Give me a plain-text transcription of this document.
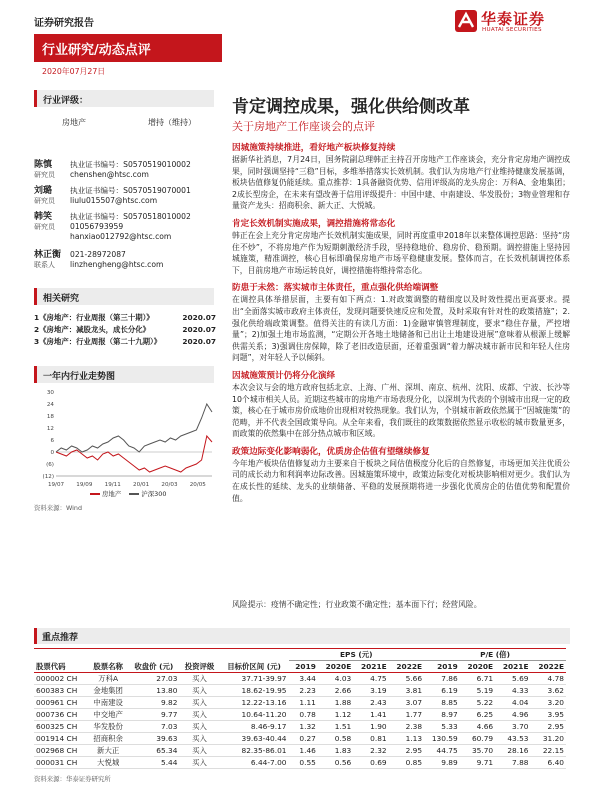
证券研究报告	华泰证券
HUATAI SECURITIES
行业研究/动态点评
2020年07月27日
行业评级：
房地产	增持（维持）
陈慎 执业证书编号：S0570519010002
研究员 chenshen@htsc.com
刘璐 执业证书编号：S0570519070001
研究员 liulu015507@htsc.com
韩笑 执业证书编号：S0570518010002
研究员 01056793959
hanxiao012792@htsc.com
林正衡 021-28972087
联系人 linzhengheng@htsc.com
相关研究
1《房地产：行业周报（第三十期）》	2020.07
2《房地产：减股龙头，成长分化》	2020.07
3《房地产：行业周报（第二十九期）》	2020.07
一年内行业走势图
(12)
(6)
0
6
12
18
24
30
19/07 19/09 19/11 20/01 20/03 20/05
房地产	沪深300
资料来源：Wind
肯定调控成果，强化供给侧改革
关于房地产工作座谈会的点评
因城施策持续推进，看好地产板块修复持续
据新华社消息，7月24日，国务院副总理韩正主持召开房地产工作座谈会，充分肯定房地产调控成果，同时强调坚持“三稳”目标，多维举措落实长效机制。我们认为房地产行业维持健康发展基调，板块估值修复仍能延续。重点推荐：1具备融资优势、信用评级高的龙头房企：万科A、金地集团；2成长型房企，在未来有望改善于信用评级提升：中国中建、中南建设、华发股份；3物业管理和存量资产龙头：招商积余、新大正、大悦城。
肯定长效机制实施成果，调控措施将常态化
韩正在会上充分肯定房地产长效机制实施成果，同时再度重申2018年以来整体调控思路：坚持“房住不炒”，不将房地产作为短期刺激经济手段，坚持稳地价、稳房价、稳预期。调控措施上坚持因城施策，精准调控，核心目标即确保房地产市场平稳健康发展。整体而言，在长效机制调控体系下，目前房地产市场运转良好，调控措施将维持常态化。
防患于未然：落实城市主体责任，重点强化供给端调整
在调控具体举措层面，主要有如下两点：1.对政策调整的精细度以及时效性提出更高要求。提出“全面落实城市政府主体责任，发现问题要快速反应和处置，及时采取有针对性的政策措施”；2.强化供给端政策调整。值得关注的有读几方面：1)金融审慎管理制度，要求“稳住存量，严控增量”；2)加强土地市场监测，“定期公开各地土地储备和已出让土地建设进展”意味着从根源上缓解供需关系；3)强调住房保障，除了老旧改造层面，还着重强调“着力解决城市新市民和年轻人住房问题”，对年轻人予以倾斜。
因城施策预计仍将分化演绎
本次会议与会的地方政府包括北京、上海、广州、深圳、南京、杭州、沈阳、成都、宁波、长沙等10个城市相关人员。近期这些城市的房地产市场表现分化，以深圳为代表的个别城市出现一定的政策，核心在于城市房价成地价出现相对较热现象。我们认为，个别城市新政依然属于“因城施策”的范畴，并不代表全国政策导向。从全年来看，我们既往的政策数据依然显示收松的城市数量更多，而政策的依然集中在部分热点城市和区域。
政策边际变化影响弱化，优质房企估值有望继续修复
今年地产板块估值修复动力主要来自于板块之间估值极度分化后的自然修复，市场更加关注优质公司的成长动力和利润率边际改善。因城施策环境中，政策边际变化对板块影响相对更少。我们认为在成长性的延续、龙头的业绩储备、平稳的发展预期将进一步强化优质房企的估值优势和配置价值。
风险提示：疫情不确定性；行业政策不确定性；基本面下行；经营风险。
重点推荐
					EPS (元)				P/E (倍)			
股票代码	股票名称	收盘价 (元)	投资评级	目标价区间 (元)	2019	2020E	2021E	2022E	2019	2020E	2021E	2022E
000002 CH	万科A	27.03	买入	37.71-39.97	3.44	4.03	4.75	5.66	7.86	6.71	5.69	4.78
600383 CH	金地集团	13.80	买入	18.62-19.95	2.23	2.66	3.19	3.81	6.19	5.19	4.33	3.62
000961 CH	中南建设	9.82	买入	12.22-13.16	1.11	1.88	2.43	3.07	8.85	5.22	4.04	3.20
000736 CH	中交地产	9.77	买入	10.64-11.20	0.78	1.12	1.41	1.77	8.97	6.25	4.96	3.95
600325 CH	华发股份	7.03	买入	8.46-9.17	1.32	1.51	1.90	2.38	5.33	4.66	3.70	2.95
001914 CH	招商积余	39.63	买入	39.63-40.44	0.27	0.58	0.81	1.13	130.59	60.79	43.53	31.20
002968 CH	新大正	65.34	买入	82.35-86.01	1.46	1.83	2.32	2.95	44.75	35.70	28.16	22.15
000031 CH	大悦城	5.44	买入	6.44-7.00	0.55	0.56	0.69	0.85	9.89	9.71	7.88	6.40
资料来源：华泰证券研究所
